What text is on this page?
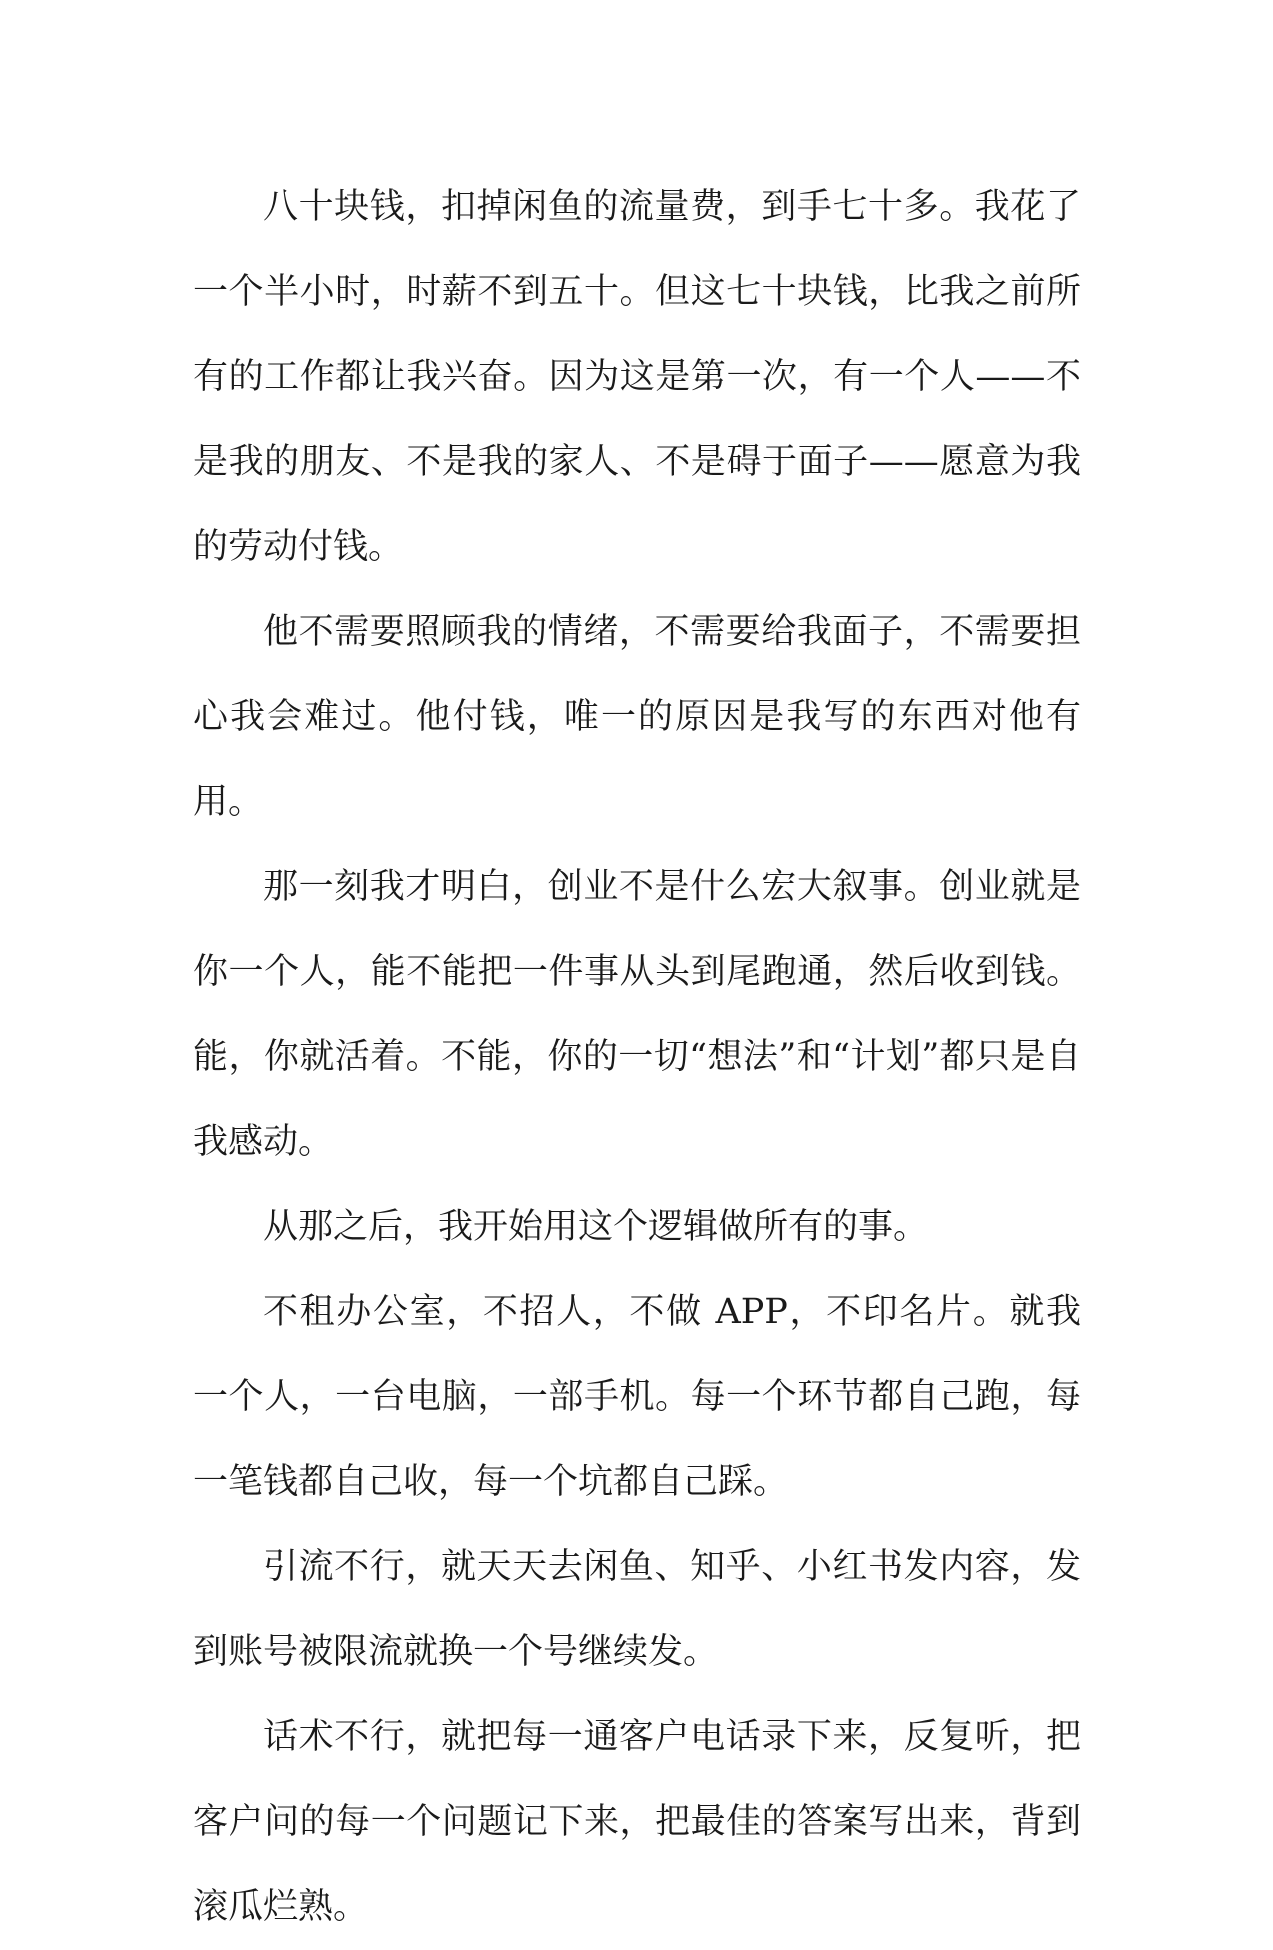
八十块钱，扣掉闲鱼的流量费，到手七十多。我花了一个半小时，时薪不到五十。但这七十块钱，比我之前所有的工作都让我兴奋。因为这是第一次，有一个人——不是我的朋友、不是我的家人、不是碍于面子——愿意为我的劳动付钱。

他不需要照顾我的情绪，不需要给我面子，不需要担心我会难过。他付钱，唯一的原因是我写的东西对他有用。

那一刻我才明白，创业不是什么宏大叙事。创业就是你一个人，能不能把一件事从头到尾跑通，然后收到钱。能，你就活着。不能，你的一切“想法”和“计划”都只是自我感动。

从那之后，我开始用这个逻辑做所有的事。

不租办公室，不招人，不做 APP，不印名片。就我一个人，一台电脑，一部手机。每一个环节都自己跑，每一笔钱都自己收，每一个坑都自己踩。

引流不行，就天天去闲鱼、知乎、小红书发内容，发到账号被限流就换一个号继续发。

话术不行，就把每一通客户电话录下来，反复听，把客户问的每一个问题记下来，把最佳的答案写出来，背到滚瓜烂熟。
